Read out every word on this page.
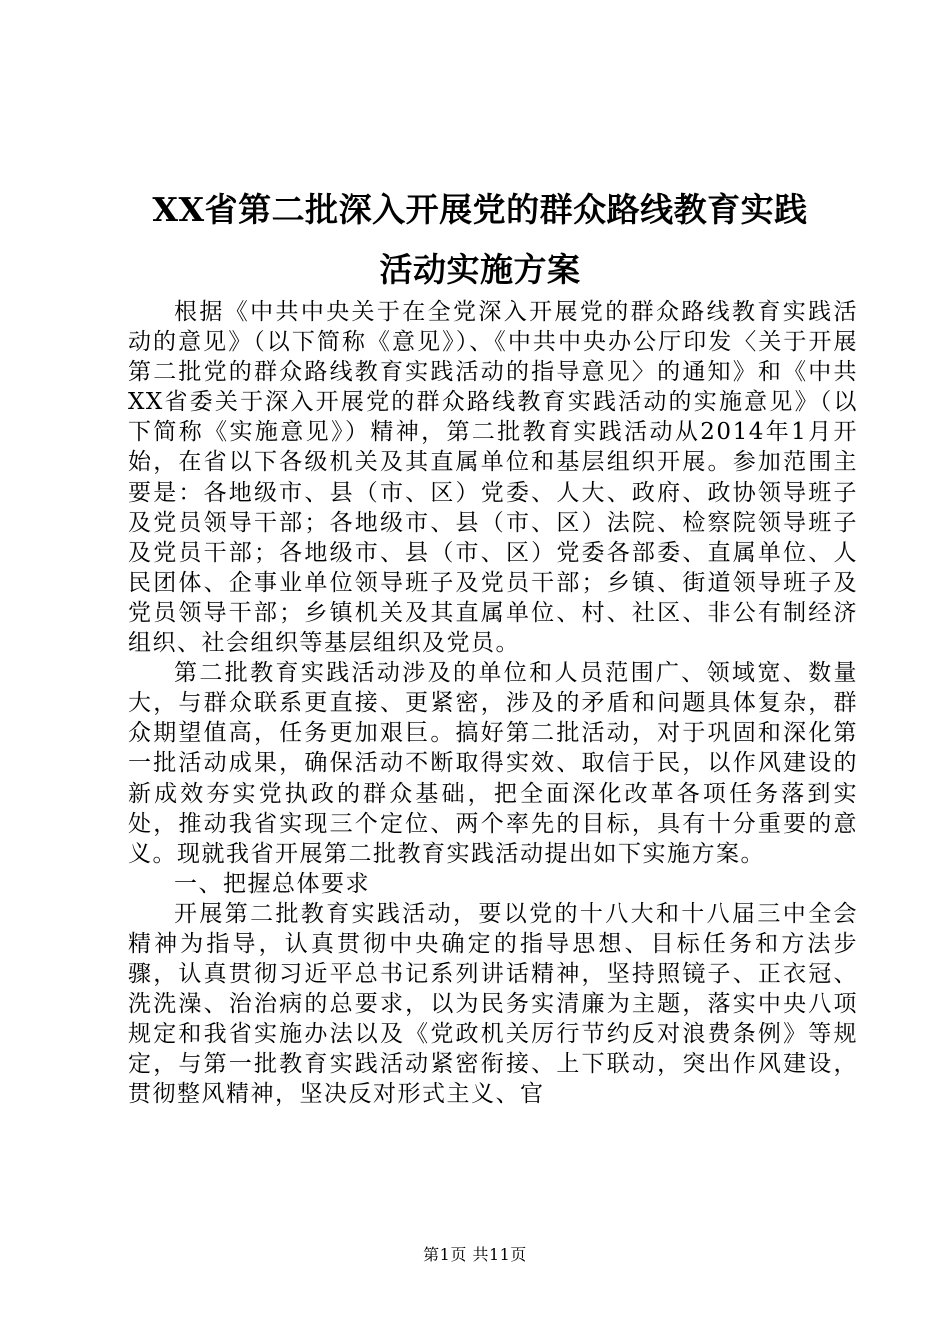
XX省第二批深入开展党的群众路线教育实践
活动实施方案

根据《中共中央关于在全党深入开展党的群众路线教育实践活动的意见》（以下简称《意见》）、《中共中央办公厅印发〈关于开展第二批党的群众路线教育实践活动的指导意见〉的通知》和《中共XX省委关于深入开展党的群众路线教育实践活动的实施意见》（以下简称《实施意见》）精神，第二批教育实践活动从2014年1月开始，在省以下各级机关及其直属单位和基层组织开展。参加范围主要是：各地级市、县（市、区）党委、人大、政府、政协领导班子及党员领导干部；各地级市、县（市、区）法院、检察院领导班子及党员干部；各地级市、县（市、区）党委各部委、直属单位、人民团体、企事业单位领导班子及党员干部；乡镇、街道领导班子及党员领导干部；乡镇机关及其直属单位、村、社区、非公有制经济组织、社会组织等基层组织及党员。

第二批教育实践活动涉及的单位和人员范围广、领域宽、数量大，与群众联系更直接、更紧密，涉及的矛盾和问题具体复杂，群众期望值高，任务更加艰巨。搞好第二批活动，对于巩固和深化第一批活动成果，确保活动不断取得实效、取信于民，以作风建设的新成效夯实党执政的群众基础，把全面深化改革各项任务落到实处，推动我省实现三个定位、两个率先的目标，具有十分重要的意义。现就我省开展第二批教育实践活动提出如下实施方案。

一、把握总体要求

开展第二批教育实践活动，要以党的十八大和十八届三中全会精神为指导，认真贯彻中央确定的指导思想、目标任务和方法步骤，认真贯彻习近平总书记系列讲话精神，坚持照镜子、正衣冠、洗洗澡、治治病的总要求，以为民务实清廉为主题，落实中央八项规定和我省实施办法以及《党政机关厉行节约反对浪费条例》等规定，与第一批教育实践活动紧密衔接、上下联动，突出作风建设，贯彻整风精神，坚决反对形式主义、官

第1页 共11页
